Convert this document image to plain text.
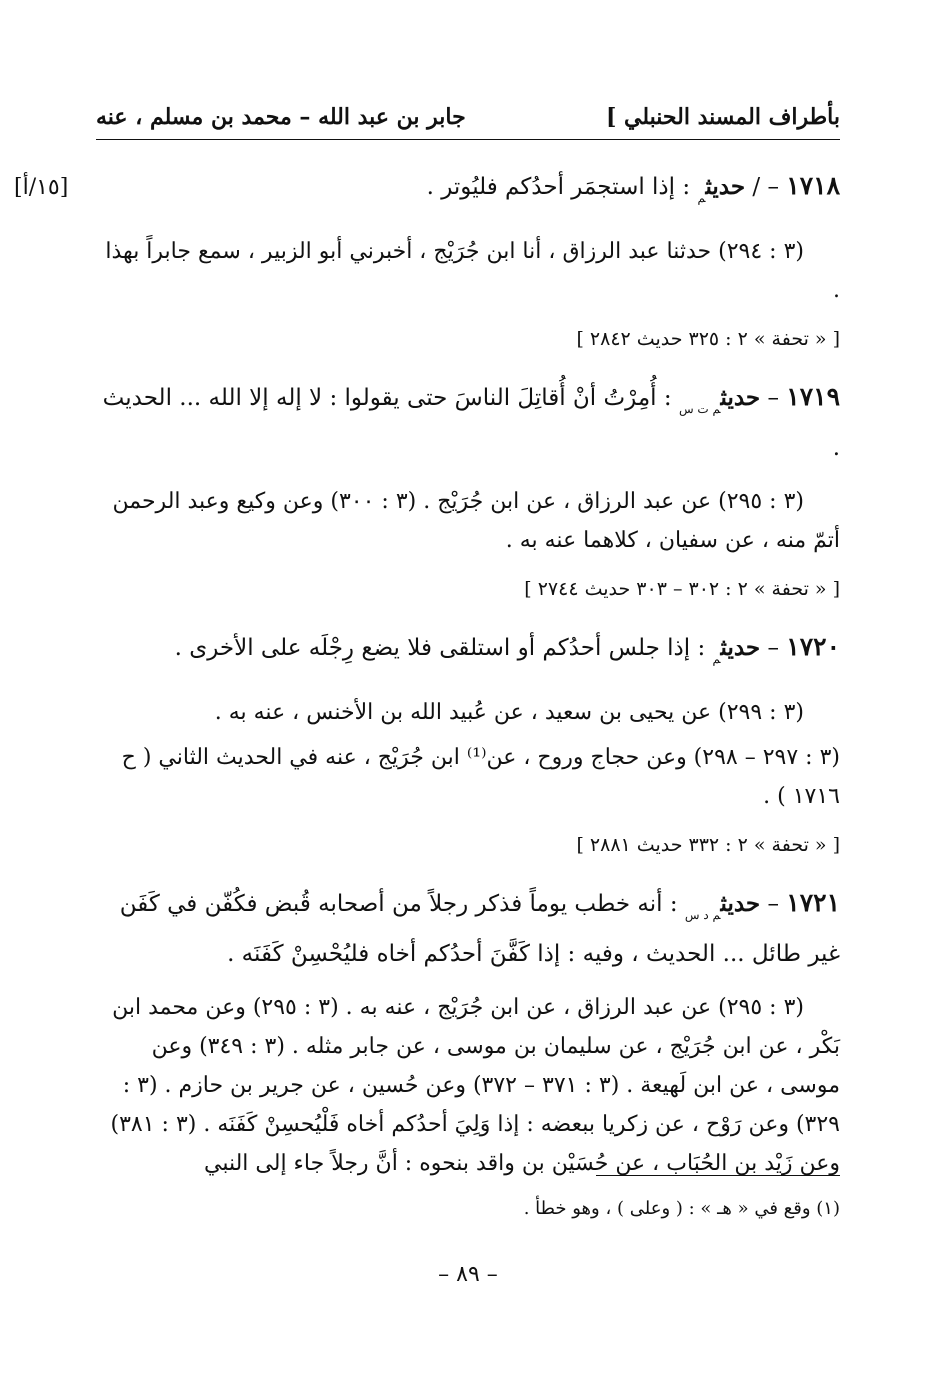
بأطراف المسند الحنبلي ]
جابر بن عبد الله – محمد بن مسلم ، عنه
[١٥/أ]	١٧١٨ – / حديث$_م$ : إذا استجمَر أحدُكم فليُوتر .
(٣ : ٢٩٤) حدثنا عبد الرزاق ، أنا ابن جُرَيْج ، أخبرني أبو الزبير ، سمع جابراً بهذا .
[ « تحفة » ٢ : ٣٢٥ حديث ٢٨٤٢ ]
١٧١٩ – حديث$_{م ت س}$ : أُمِرْتُ أنْ أُقاتِلَ الناسَ حتى يقولوا : لا إله إلا الله ... الحديث .
(٣ : ٢٩٥) عن عبد الرزاق ، عن ابن جُرَيْج . (٣ : ٣٠٠) وعن وكيع وعبد الرحمن أتمّ منه ، عن سفيان ، كلاهما عنه به .
[ « تحفة » ٢ : ٣٠٢ – ٣٠٣ حديث ٢٧٤٤ ]
١٧٢٠ – حديث$_م$ : إذا جلس أحدُكم أو استلقى فلا يضع رِجْلَه على الأخرى .
(٣ : ٢٩٩) عن يحيى بن سعيد ، عن عُبيد الله بن الأخنس ، عنه به .
(٣ : ٢٩٧ – ٢٩٨) وعن حجاج وروح ، عن⁽¹⁾ ابن جُرَيْج ، عنه في الحديث الثاني ( ح ١٧١٦ ) .
[ « تحفة » ٢ : ٣٣٢ حديث ٢٨٨١ ]
١٧٢١ – حديث$_{م د س}$ : أنه خطب يوماً فذكر رجلاً من أصحابه قُبض فكُفّن في كَفَن غير طائل ... الحديث ، وفيه : إذا كَفَّنَ أحدُكم أخاه فليُحْسِنْ كَفَنَه .
(٣ : ٢٩٥) عن عبد الرزاق ، عن ابن جُرَيْج ، عنه به . (٣ : ٢٩٥) وعن محمد ابن بَكْر ، عن ابن جُرَيْج ، عن سليمان بن موسى ، عن جابر مثله . (٣ : ٣٤٩) وعن موسى ، عن ابن لَهيعة . (٣ : ٣٧١ – ٣٧٢) وعن حُسين ، عن جرير بن حازم . (٣ : ٣٢٩) وعن رَوْح ، عن زكريا ببعضه : إذا وَلِيَ أحدُكم أخاه فَلْيُحسِنْ كَفَنَه . (٣ : ٣٨١) وعن زَيْد بن الحُبَاب ، عن حُسَيْن بن واقد بنحوه : أنَّ رجلاً جاء إلى النبي
(١) وقع في « هـ » : ( وعلى ) ، وهو خطأ .
– ٨٩ –
